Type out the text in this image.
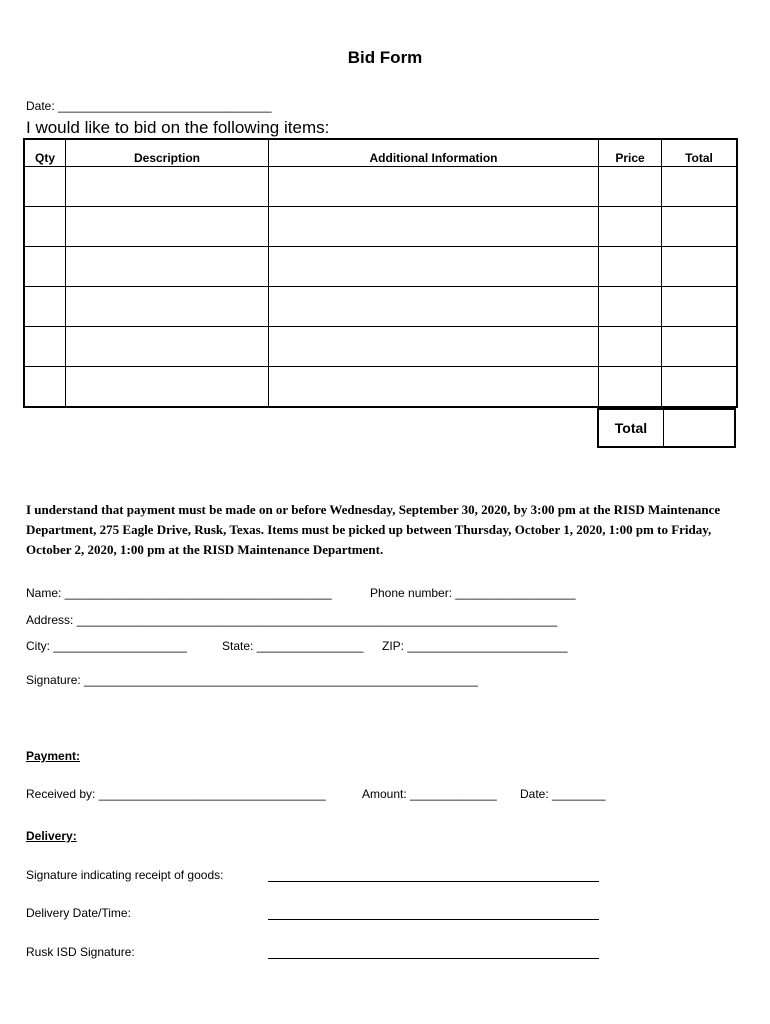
Bid Form
Date: ________________________________
I would like to bid on the following items:
Qty	Description	Additional Information	Price	Total

Total
I understand that payment must be made on or before Wednesday, September 30, 2020, by 3:00 pm at the RISD Maintenance Department, 275 Eagle Drive, Rusk, Texas. Items must be picked up between Thursday, October 1, 2020, 1:00 pm to Friday, October 2, 2020, 1:00 pm at the RISD Maintenance Department.
Name: ________________________________________	Phone number: __________________
Address: ________________________________________________________________________
City: ____________________	State: ________________ ZIP: ________________________
Signature: ___________________________________________________________
Payment:
Received by: __________________________________	Amount: _____________ Date: ________
Delivery:
Signature indicating receipt of goods:
Delivery Date/Time:
Rusk ISD Signature:
